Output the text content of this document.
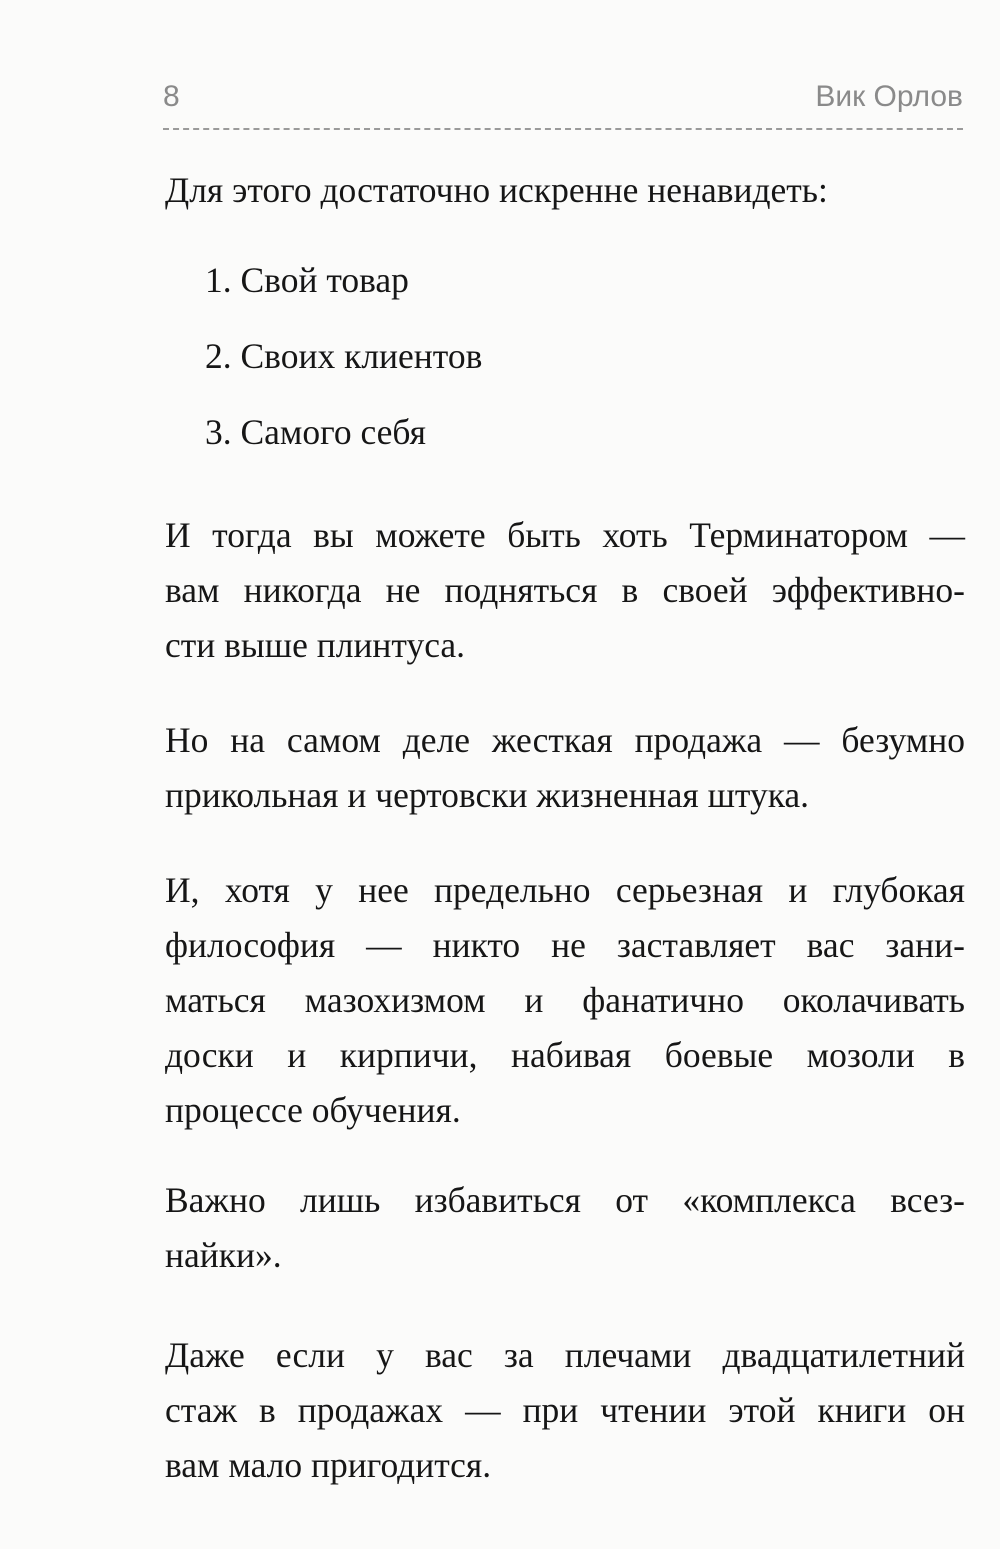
8	Вик Орлов
Для этого достаточно искренне ненавидеть:
1. Свой товар
2. Своих клиентов
3. Самого себя
И тогда вы можете быть хоть Терминатором —
вам никогда не подняться в своей эффективно-
сти выше плинтуса.
Но на самом деле жесткая продажа — безумно
прикольная и чертовски жизненная штука.
И, хотя у нее предельно серьезная и глубокая
философия — никто не заставляет вас зани-
маться мазохизмом и фанатично околачивать
доски и кирпичи, набивая боевые мозоли в
процессе обучения.
Важно лишь избавиться от «комплекса всез-
найки».
Даже если у вас за плечами двадцатилетний
стаж в продажах — при чтении этой книги он
вам мало пригодится.
